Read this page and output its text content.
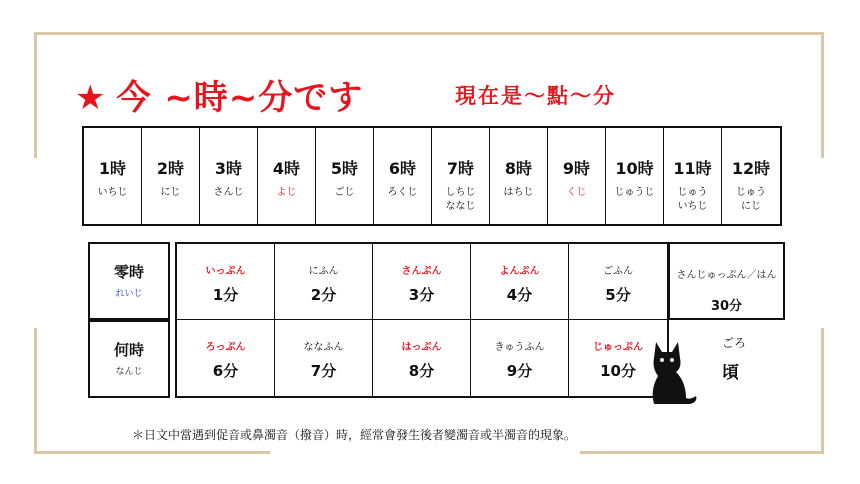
★ 今 ~時~分です	現在是～點～分
1時
いちじ
2時
にじ
3時
さんじ
4時
よじ
5時
ごじ
6時
ろくじ
7時
しちじ
ななじ
8時
はちじ
9時
くじ
10時
じゅうじ
11時
じゅう
いちじ
12時
じゅう
にじ
零時
れいじ
何時
なんじ
いっぷん
1分
にふん
2分
さんぷん
3分
よんぷん
4分
ごふん
5分
ろっぷん
6分
ななふん
7分
はっぷん
8分
きゅうふん
9分
じゅっぷん
10分
さんじゅっぷん／はん
30分
ごろ
頃
＊日文中當遇到促音或鼻濁音（撥音）時，經常會發生後者變濁音或半濁音的現象。
